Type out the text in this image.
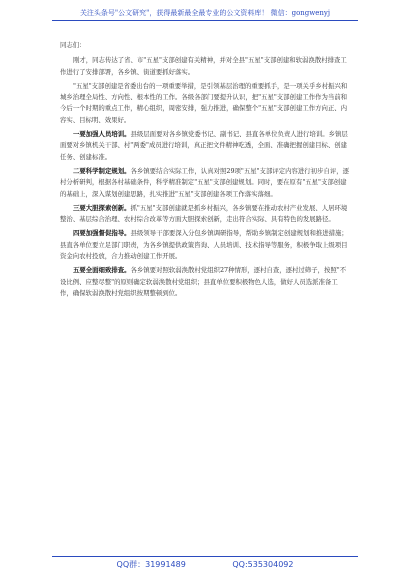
关注头条号"公文研究"，获得最新最全最专业的公文资料库！ 微信：gongwenyj

同志们：

刚才，同志传达了省、市"五星"支部创建有关精神，并对全县"五星"支部创建和软弱涣散村排查工作进行了安排部署，各乡镇、街道要抓好落实。

"五星"支部创建是省委出台的一项重要举措，是引领基层治理的重要抓手，是一项关乎乡村振兴和城乡治理全局性、方向性、根本性的工作。各级各部门要提升认识，把"五星"支部创建工作作为当前和今后一个时期的重点工作，精心组织，周密安排，强力推进，确保整个"五星"支部创建工作方向正、内容实、目标明、效果好。

一要加强人员培训。县级层面要对各乡镇党委书记、副书记、县直各单位负责人进行培训。乡镇层面要对乡镇机关干部、村"两委"成员进行培训，真正把文件精神吃透，全面、准确把握创建目标、创建任务、创建标准。

二要科学制定规划。各乡镇要结合实际工作，认真对照29项"五星"支部评定内容进行初步自评，逐村分析研判，根据各村基础条件，科学精准制定"五星"支部创建规划。同时，要在原有"五星"支部创建的基础上，深入谋划创建思路，扎实推进"五星"支部创建各项工作落实落细。

三要大胆探索创新。抓"五星"支部创建就是抓乡村振兴，各乡镇要在推动农村产业发展、人居环境整治、基层综合治理、农村综合改革等方面大胆探索创新，走出符合实际、具有特色的发展路径。

四要加强督促指导。县级领导干部要深入分包乡镇调研指导，帮助乡镇制定创建规划和推进措施；县直各单位要立足部门职责，为各乡镇提供政策咨询、人员培训、技术指导等服务，积极争取上级项目资金向农村投放，合力推动创建工作开展。

五要全面细致排查。各乡镇要对照软弱涣散村党组织27种情形，逐村自查，逐村过筛子，按照"不设比例、应整尽整"的原则确定软弱涣散村党组织；县直单位要积极物色人选，做好人员选派准备工作，确保软弱涣散村党组织按期整顿到位。

QQ群：31991489	QQ:535304092
